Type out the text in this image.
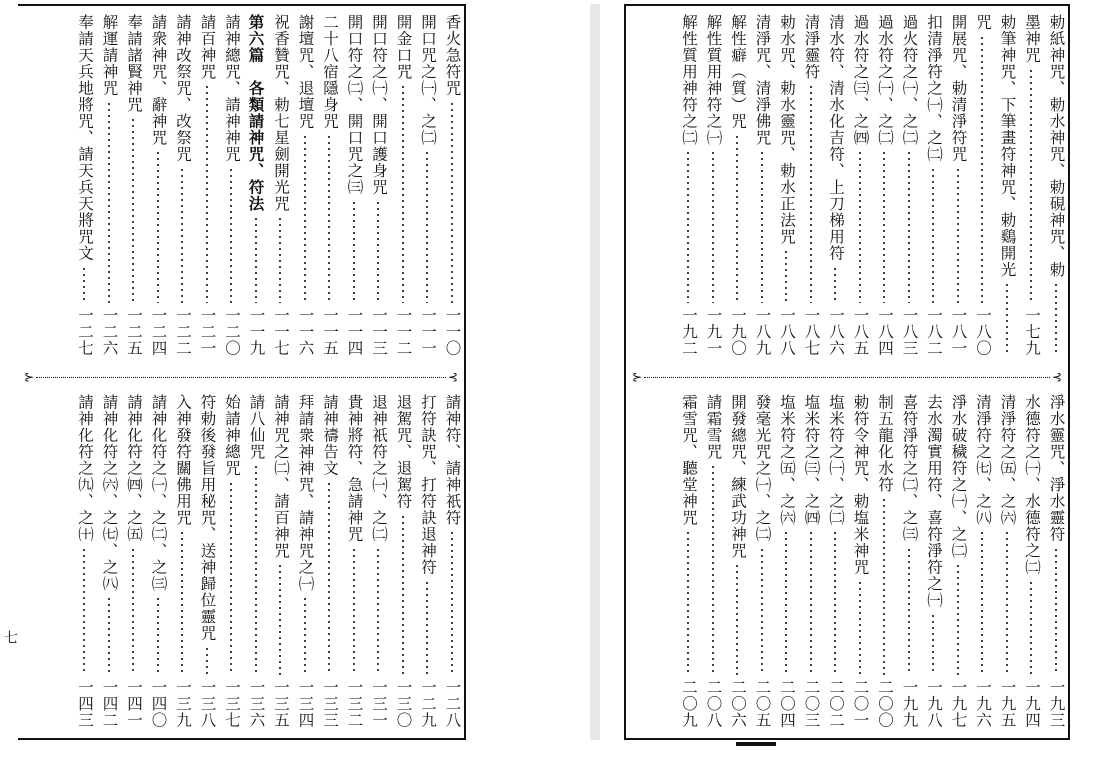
香火急符咒
一一〇
開口咒之㈠、之㈡
一一一
開金口咒
一一二
開口符之㈠、開口護身咒
一一三
開口符之㈡、開口咒之㈢
一一四
二十八宿隱身咒
一一五
謝壇咒、退壇咒
一一六
祝香贊咒、勅七星劍開光咒
一一七
第六篇　各類請神咒、符法
一一九
請神總咒、請神神咒
一二〇
請百神咒
一二一
請神改祭咒、改祭咒
一二二
請衆神咒、辭神咒
一二四
奉請諸賢神咒
一二五
解運請神咒
一二六
奉請天兵地將咒、請天兵天將咒文
一二七
⊱	⊰
請神符、請神祇符
一二八
打符訣咒、打符訣退神符
一二九
退駕咒、退駕符
一三〇
退神祇符之㈠、之㈡
一三一
貴神將符、急請神咒
一三二
請神禱告文
一三三
拜請衆神神咒、請神咒之㈠
一三四
請神咒之㈡、請百神咒
一三五
請八仙咒
一三六
始請神總咒
一三七
符勅後發旨用秘咒、送神歸位靈咒
一三八
入神發符關佛用咒
一三九
請神化符之㈠、之㈡、之㈢
一四〇
請神化符之㈣、之㈤
一四一
請神化符之㈥、之㈦、之㈧
一四二
請神化符之㈨、之㈩
一四三
勅紙神咒、勅水神咒、勅硯神咒、勅
墨神咒
一七九
勅筆神咒、下筆畫符神咒、勅鷄開光
咒
一八〇
開展咒、勅清淨符咒
一八一
扣清淨符之㈠、之㈡
一八二
過火符之㈠、之㈡
一八三
過水符之㈠、之㈡
一八四
過水符之㈢、之㈣
一八五
清水符、清水化吉符、上刀梯用符
一八六
清淨靈符
一八七
勅水咒、勅水靈咒、勅水正法咒
一八八
清淨咒、清淨佛咒
一八九
解性癖（質）咒
一九〇
解性質用神符之㈠
一九一
解性質用神符之㈡
一九二
⊱	⊰
淨水靈咒、淨水靈符
一九三
水德符之㈠、水德符之㈡
一九四
清淨符之㈤、之㈥
一九五
清淨符之㈦、之㈧
一九六
淨水破穢符之㈠、之㈡
一九七
去水濁實用符、喜符淨符之㈠
一九八
喜符淨符之㈡、之㈢
一九九
制五龍化水符
二〇〇
勅符令神咒、勅塩米神咒
二〇一
塩米符之㈠、之㈡
二〇二
塩米符之㈢、之㈣
二〇三
塩米符之㈤、之㈥
二〇四
發毫光咒之㈠、之㈡
二〇五
開發總咒、練武功神咒
二〇六
請霜雪咒
二〇八
霜雪咒、聽堂神咒
二〇九
七
